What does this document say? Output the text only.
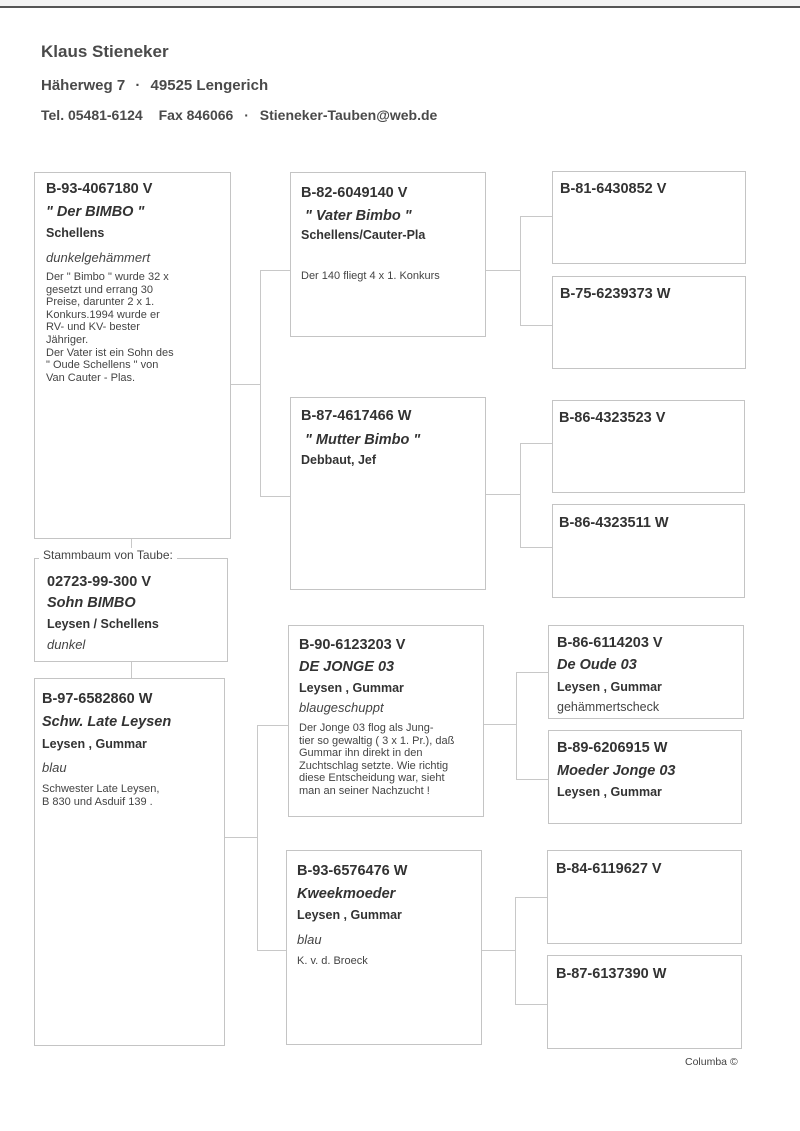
Klaus Stieneker
Häherweg 7 · 49525 Lengerich
Tel. 05481-6124 Fax 846066 · Stieneker-Tauben@web.de
B-93-4067180 V
" Der BIMBO "
Schellens
dunkelgehämmert
Der " Bimbo " wurde 32 x
gesetzt und errang 30
Preise, darunter 2 x 1.
Konkurs.1994 wurde er
RV- und KV- bester
Jähriger.
Der Vater ist ein Sohn des
" Oude Schellens " von
Van Cauter - Plas.
02723-99-300 V
Sohn BIMBO
Leysen / Schellens
dunkel
Stammbaum von Taube:
B-97-6582860 W
Schw. Late Leysen
Leysen , Gummar
blau
Schwester Late Leysen,
B 830 und Asduif 139 .
B-82-6049140 V
" Vater Bimbo "
Schellens/Cauter-Pla
Der 140 fliegt 4 x 1. Konkurs
B-87-4617466 W
" Mutter Bimbo "
Debbaut, Jef
B-90-6123203 V
DE JONGE 03
Leysen , Gummar
blaugeschuppt
Der Jonge 03 flog als Jung-
tier so gewaltig ( 3 x 1. Pr.), daß
Gummar ihn direkt in den
Zuchtschlag setzte. Wie richtig
diese Entscheidung war, sieht
man an seiner Nachzucht !
B-93-6576476 W
Kweekmoeder
Leysen , Gummar
blau
K. v. d. Broeck
B-81-6430852 V
B-75-6239373 W
B-86-4323523 V
B-86-4323511 W
B-86-6114203 V
De Oude 03
Leysen , Gummar
gehämmertscheck
B-89-6206915 W
Moeder Jonge 03
Leysen , Gummar
B-84-6119627 V
B-87-6137390 W
Columba ©
